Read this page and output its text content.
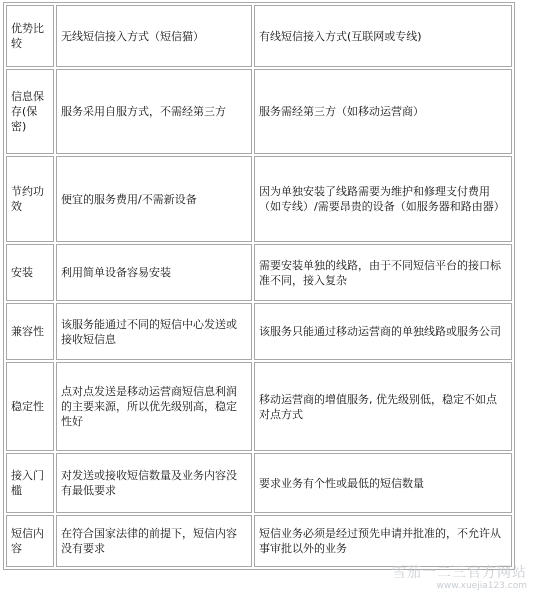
优势比较	无线短信接入方式（短信猫）	有线短信接入方式(互联网或专线)
信息保存(保密)	服务采用自服方式，不需经第三方	服务需经第三方（如移动运营商）
节约功效	便宜的服务费用/不需新设备	因为单独安装了线路需要为维护和修理支付费用（如专线）/需要昂贵的设备（如服务器和路由器）
安装	利用简单设备容易安装	需要安装单独的线路，由于不同短信平台的接口标准不同，接入复杂
兼容性	该服务能通过不同的短信中心发送或接收短信息	该服务只能通过移动运营商的单独线路或服务公司
稳定性	点对点发送是移动运营商短信息利润的主要来源，所以优先级别高，稳定性好	移动运营商的增值服务, 优先级别低，稳定不如点对点方式
接入门槛	对发送或接收短信数量及业务内容没有最低要求	要求业务有个性或最低的短信数量
短信内容	在符合国家法律的前提下，短信内容没有要求	短信业务必须是经过预先申请并批准的，不允许从事审批以外的业务
雪茄一二三官方网站
www.xuejia123.com
